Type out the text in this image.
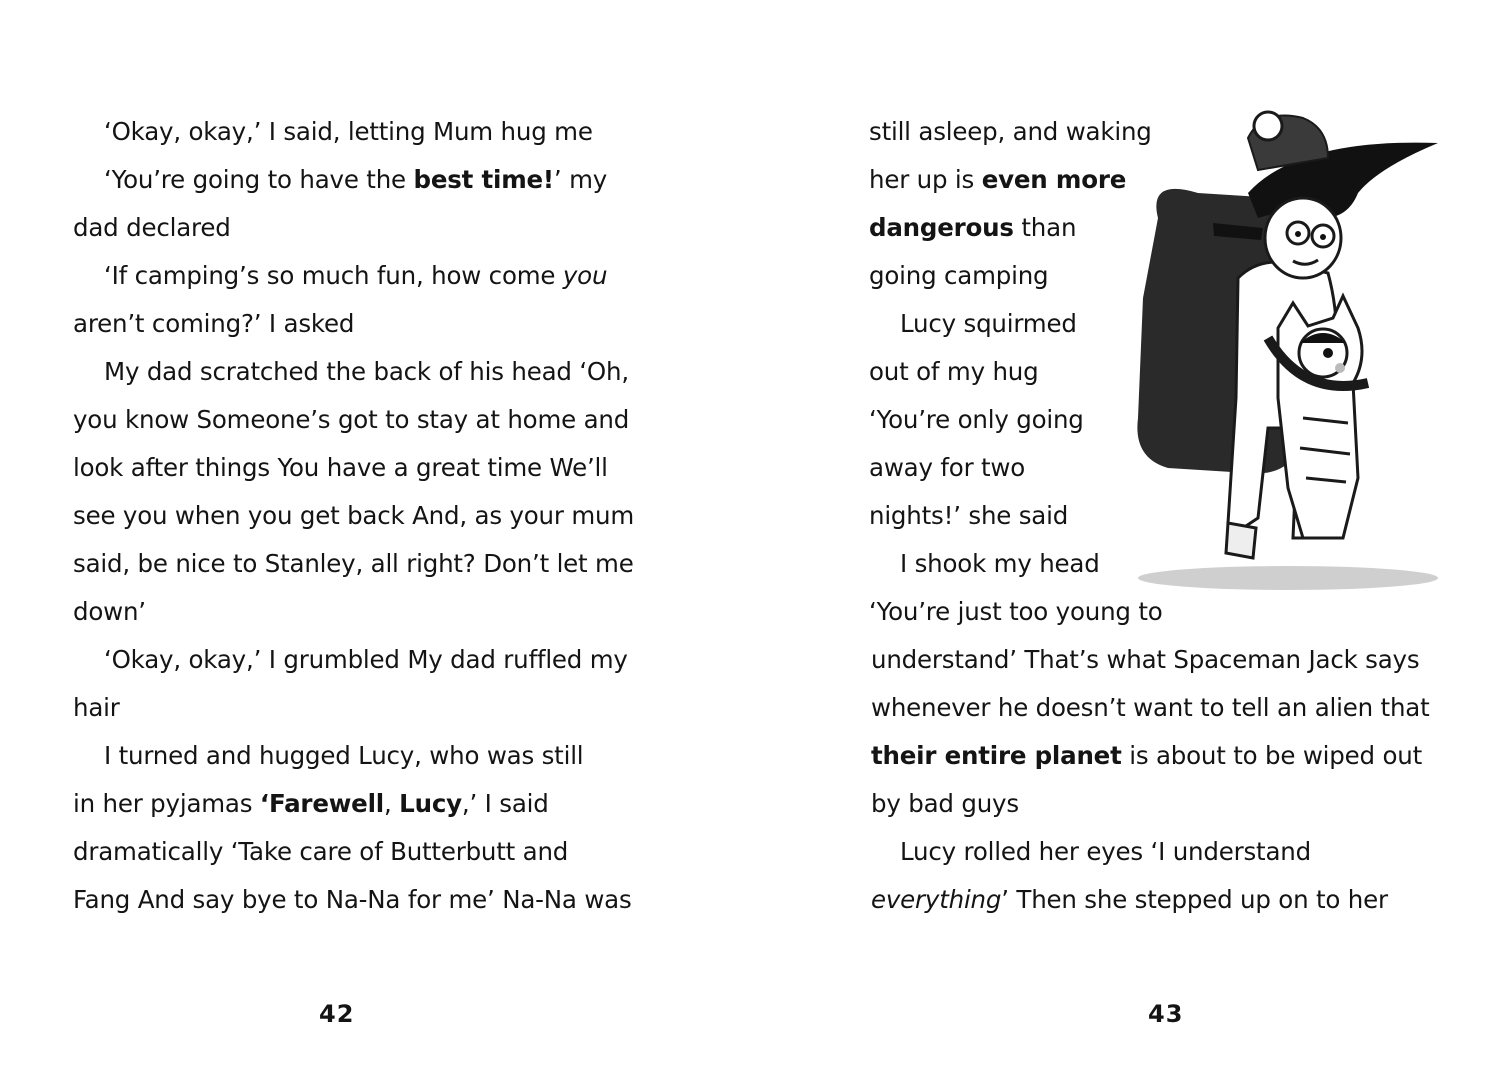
‘Okay, okay,’ I said, letting Mum hug me

‘You’re going to have the best time!’ my

dad declared

‘If camping’s so much fun, how come you

aren’t coming?’ I asked

My dad scratched the back of his head ‘Oh,

you know Someone’s got to stay at home and

look after things You have a great time We’ll

see you when you get back And, as your mum

said, be nice to Stanley, all right? Don’t let me

down’

‘Okay, okay,’ I grumbled My dad ruffled my

hair

I turned and hugged Lucy, who was still

in her pyjamas ‘Farewell, Lucy,’ I said

dramatically ‘Take care of Butterbutt and

Fang And say bye to Na-Na for me’ Na-Na was

42

still asleep, and waking

her up is even more

dangerous than

going camping

Lucy squirmed

out of my hug

‘You’re only going

away for two

nights!’ she said

I shook my head

‘You’re just too young to

understand’ That’s what Spaceman Jack says

whenever he doesn’t want to tell an alien that

their entire planet is about to be wiped out

by bad guys

Lucy rolled her eyes ‘I understand

everything’ Then she stepped up on to her

43
